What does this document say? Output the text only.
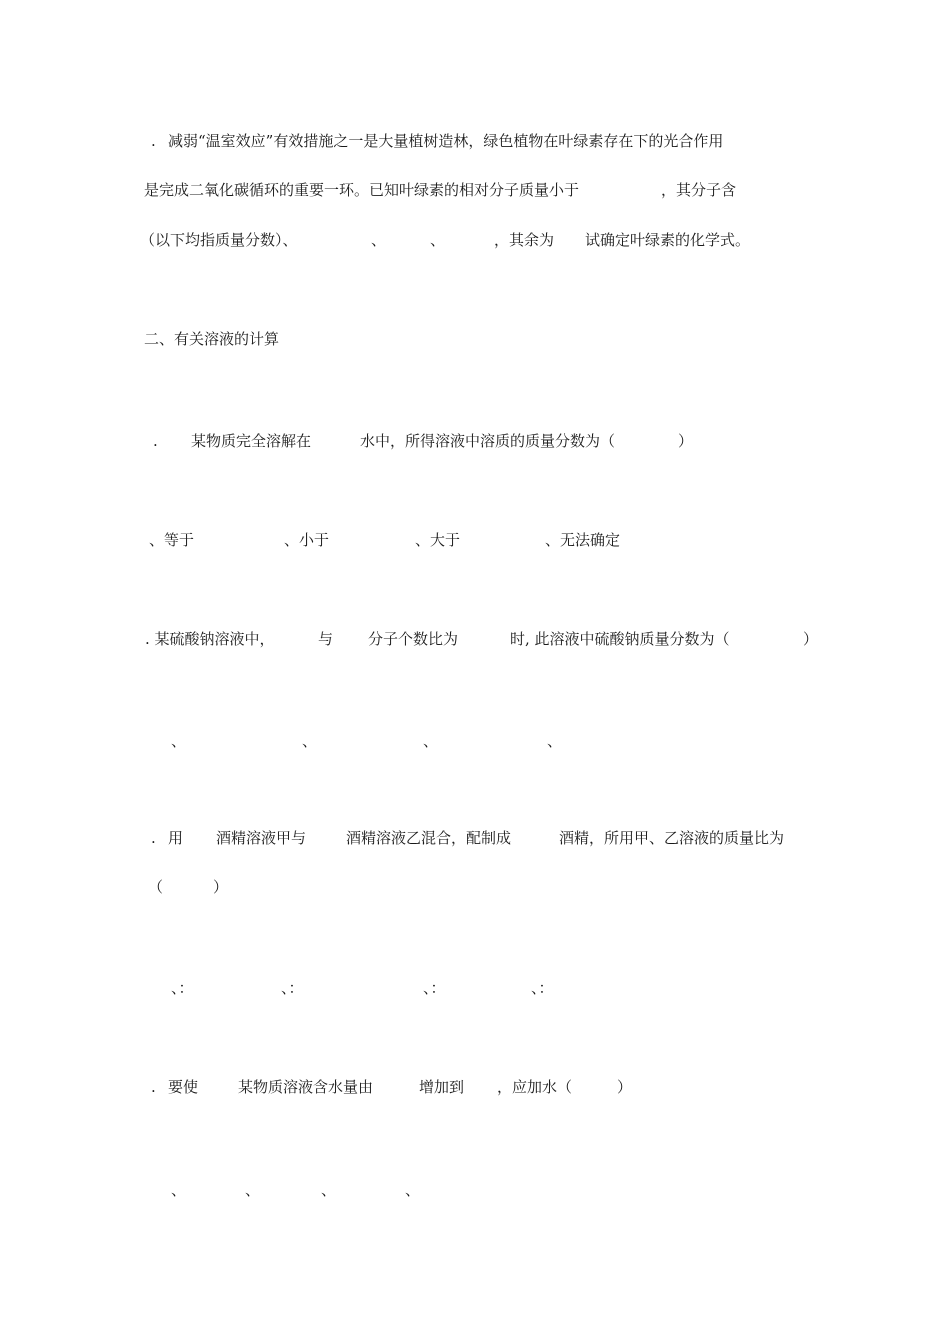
. 减弱“温室效应”有效措施之一是大量植树造林，绿色植物在叶绿素存在下的光合作用
是完成二氧化碳循环的重要一环。已知叶绿素的相对分子质量小于	，其分子含
（以下均指质量分数）、	、	、	，其余为 试确定叶绿素的化学式。
二、有关溶液的计算
. 某物质完全溶解在	水中，所得溶液中溶质的质量分数为（	）
、等于	、小于	、大于	、无法确定
. 某硫酸钠溶液中，	与 分子个数比为	时, 此溶液中硫酸钠质量分数为（	）
、	、	、	、
. 用 酒精溶液甲与	酒精溶液乙混合，配制成	酒精，所用甲、乙溶液的质量比为
（	）
、：	、：	、：	、：
. 要使	某物质溶液含水量由	增加到 ，应加水（	）
、	、	、	、
